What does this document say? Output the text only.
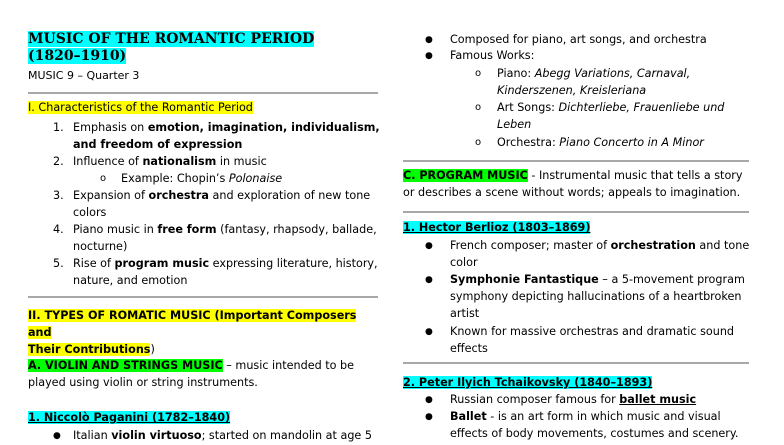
MUSIC OF THE ROMANTIC PERIOD
(1820–1910)
MUSIC 9 – Quarter 3
I. Characteristics of the Romantic Period
1. Emphasis on emotion, imagination, individualism,
and freedom of expression
2. Influence of nationalism in music
o Example: Chopin’s Polonaise
3. Expansion of orchestra and exploration of new tone
colors
4. Piano music in free form (fantasy, rhapsody, ballade,
nocturne)
5. Rise of program music expressing literature, history,
nature, and emotion
II. TYPES OF ROMATIC MUSIC (Important Composers and
Their Contributions)
A. VIOLIN AND STRINGS MUSIC – music intended to be
played using violin or string instruments.
1. Niccolò Paganini (1782–1840)
● Italian violin virtuoso; started on mandolin at age 5
● Composed for piano, art songs, and orchestra
● Famous Works:
o Piano: Abegg Variations, Carnaval,
Kinderszenen, Kreisleriana
o Art Songs: Dichterliebe, Frauenliebe und
Leben
o Orchestra: Piano Concerto in A Minor
C. PROGRAM MUSIC - Instrumental music that tells a story
or describes a scene without words; appeals to imagination.
1. Hector Berlioz (1803–1869)
● French composer; master of orchestration and tone
color
● Symphonie Fantastique – a 5-movement program
symphony depicting hallucinations of a heartbroken
artist
● Known for massive orchestras and dramatic sound
effects
2. Peter Ilyich Tchaikovsky (1840–1893)
● Russian composer famous for ballet music
● Ballet - is an art form in which music and visual
effects of body movements, costumes and scenery.
